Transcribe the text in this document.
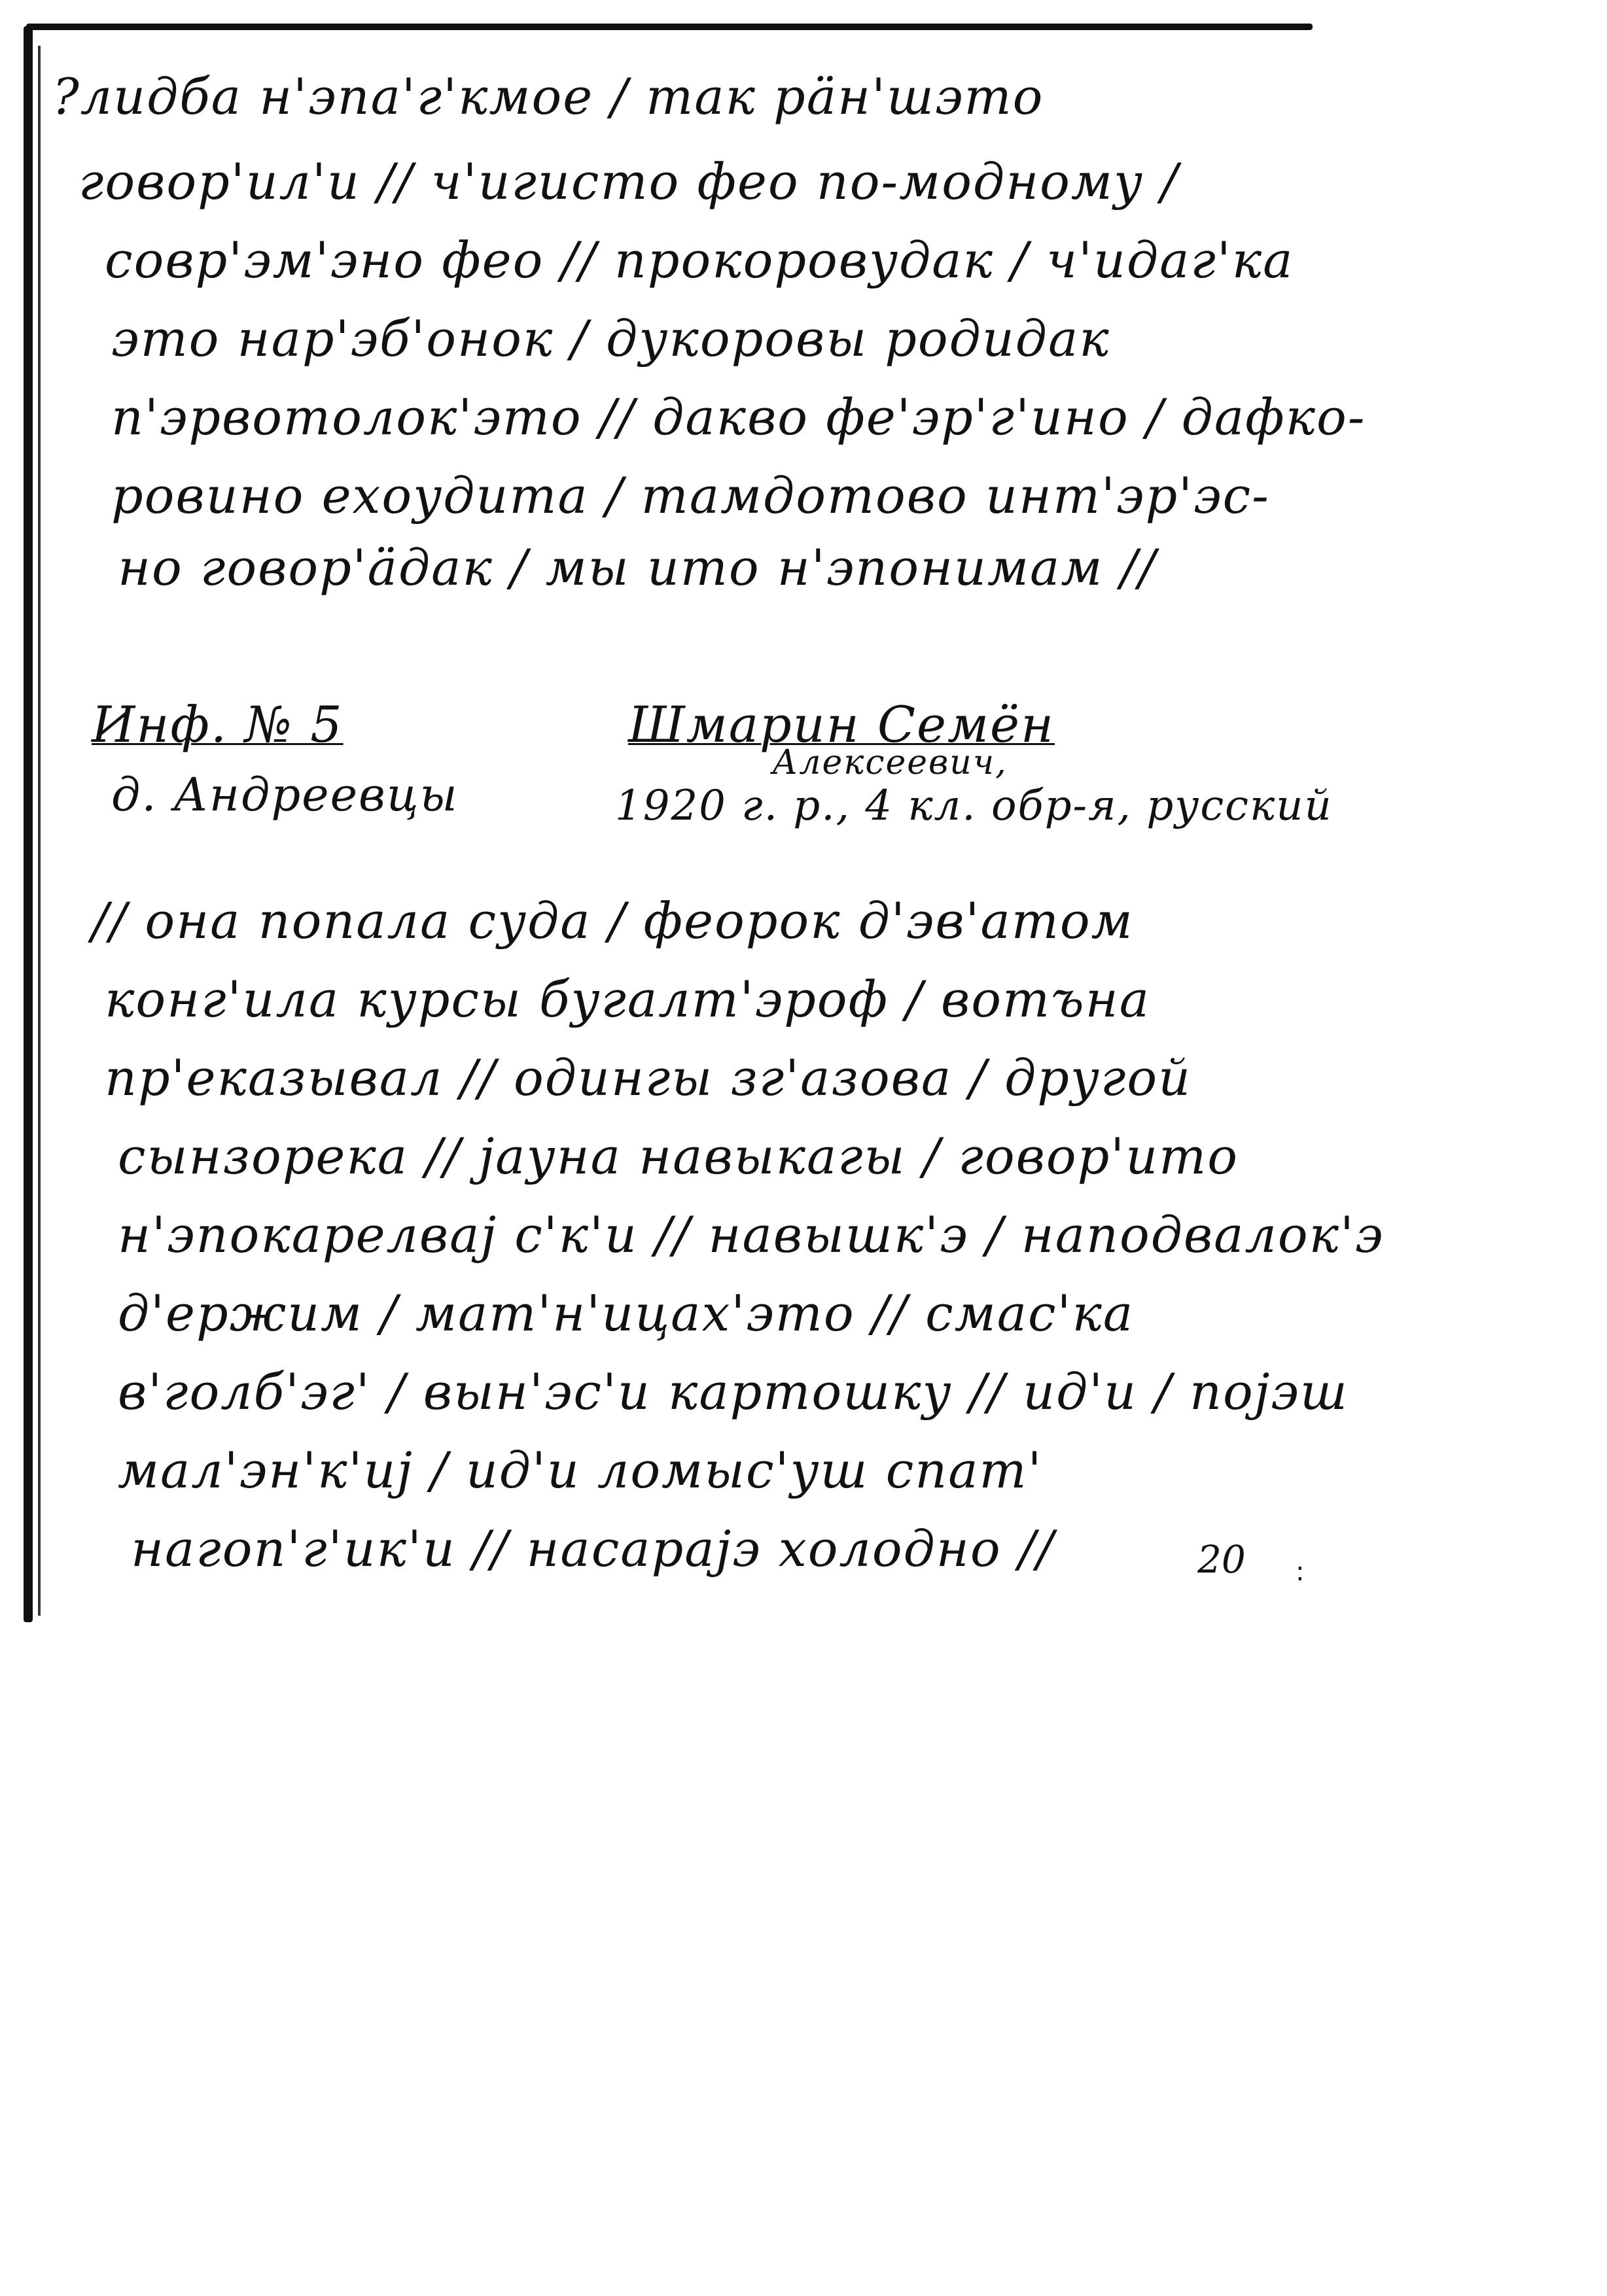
?лидба н'эпа'г'кмое / так рäн'шэто
говор'ил'и // ч'игисто фео по-модному /
совр'эм'эно фео // прокоровудак / ч'идаг'ка
это нар'эб'онок / дукоровы родидак
п'эрвотолок'это // дакво фе'эр'г'ино / дафко-
ровино ехоудита / тамдотово инт'эр'эс-
но говор'äдак / мы ито н'эпонимам //
Инф. № 5
д. Андреевцы
Шмарин Семён
Алексеевич,
1920 г. р., 4 кл. обр-я, русский
// она попала суда / феорок д'эв'атом
конг'ила курсы бугалт'эроф / вотъна
пр'еказывал // одингы зг'азова / другой
сынзорека // јауна навыкагы / говор'ито
н'эпокарелвај с'к'и // навышк'э / наподвалок'э
д'ержим / мат'н'ицах'это // смас'ка
в'голб'эг' / вын'эс'и картошку // ид'и / појэш
мал'эн'к'иј / ид'и ломыс'уш спат'
нагоп'г'ик'и // наcарајэ холодно //	20 :
